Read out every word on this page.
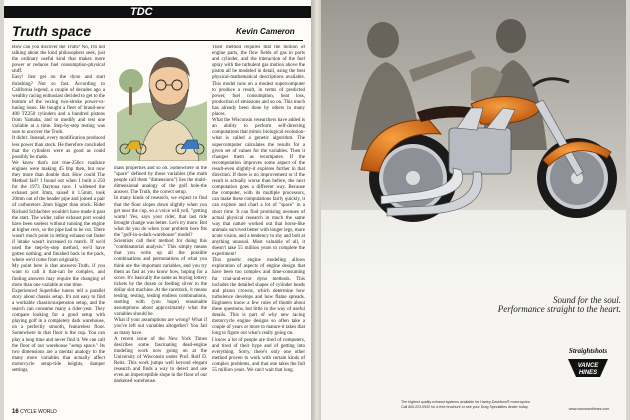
TDC
Truth space	Kevin Cameron

How can you discover the Truth? No, I'm not talking about the kind philosophers seek, just the ordinary useful kind that makes more power or reduces fuel consumption-physical stuff.

Easy! Just get on the dyno and start thrashing? Not so fast. According to California legend, a couple of decades ago a wealthy racing enthusiast decided to get to the bottom of the vexing two-stroke power-vs-tuning issue. He bought a fleet of brand-new 400 TZ250 cylinders and a hundred pistons from Yamaha, and to modify and test one variable at a time. Step-by-step testing was sure to uncover the Truth.

It didn't. Instead, every modification produced less power than stock. He therefore concluded that the cylinders were as good as could possibly be made.

We know that's not true-250cc roadrace engines were making 45 bhp then, but now they more than double that. How could The Method fail? I found out when I built a 250 for the 1973 Daytona race. I widened the exhaust port 3mm, raised it 1.5mm, took 20mm out of the header pipe and joined a pair of carburetors 2mm bigger than stock. Rider Richard Schlachter wouldn't have made it past the start. The wider, taller exhaust port would have been useless without running the engine at higher revs, so the pipe had to be cut. There wasn't much point in letting exhaust out faster if intake wasn't increased to match. If we'd used the step-by-step method, we'd have gotten nothing, and finished back in the pack, where we'd come from originally.

My point here is that answers-Truth, if you want to call it that-can be complex, and finding answers may require the changing of more than one variable at one time.

Experienced Superbike tuners tell a parallel story about chassis setup. It's not easy to find a workable chassis/suspension setup, and the search can consume many a rider-year. They compare looking for a good setup with playing golf in a completely dark warehouse, on a perfectly smooth, featureless floor. Somewhere in that floor is the cup. You can play a long time and never find it. We can call the floor of our warehouse "setup space." Its two dimensions are a mental analogy to the many more variables that actually affect motorcycle setup-ride heights, damper settings,

mass properties and so on. Somewhere in the "space" defined by those variables (the math people call them "dimensions") lies the multi-dimensional analogy of the golf hole-the answer. The Truth, the correct setup.

In many kinds of research, we expect to find that the floor slopes down slightly when you get near the cup, so a voice will yell, "getting warm! Yes, says your rider, that last ride brought change was better. Let's try more. But what do you do when your problem bore fits the "golf-in-a-dark-warehouse" model?

Scientists call their method for doing this "combinatorial analysis." This simply means that you write up all the possible combinations and permutations of what you think are the important variables, and you try them as fast as you know how, hoping for a score. It's basically the same as buying lottery tickets by the dozen or feeding silver to the dollar slot machine. At the racetrack, it means testing, testing, testing endless combinations, starting with (you hope) reasonable assumptions about approximately what the variables should be.

What if your assumptions are wrong? What if you've left out variables altogether? You fail as many have.

A recent issue of the New York Times describes some fascinating dead-engine modeling work now going on at the University of Wisconsin under Prof. Rolf D. Reitz. This work jumps well beyond elegant research and finds a way to detect and use even an imperceptible slope in the floor of our darkened warehouse.

Their method requires that the motion of engine parts, the flow fields of gas in ports and cylinder, and the interaction of the fuel spray with the turbulent gas motion above the piston all be modeled in detail, using the best physical-mathematical descriptions available. This model runs on a modest supercomputer to produce a result, in terms of predicted power, fuel consumption, heat loss, production of emissions and so on. This much has already been done by others in many places.

What the Wisconsin researchers have added is an ability to perform self-directing computations that mimic biological evolution-what is called a genetic algorithm. The supercomputer calculates the results for a given set of values for the variables. Then it changes them as recomputes. If the recomputation improves some aspect of the result-even slightly-it explores further in that direction. If there is no improvement or if the result is actually worse than before, the next computation goes a different way. Because the computer, with its multiple processors, can make these computations fairly quickly, it can explore and chart a lot of "space" in a short time. It can find promising avenues of actual physical research in much the same way that nature worked out that horse-like animals survived better with longer legs, more acute vision, and a tendency to shy and bolt at anything unusual. Most valuable of all, it doesn't take 55 million years to complete the experiment!

This genetic engine modeling allows exploration of aspects of engine design that have been too complex and time-consuming for trial-and-error dyno methods. This includes the detailed shapes of cylinder heads and piston crowns, which determine how turbulence develops and how flame spreads. Engineers know a few rules of thumb about these questions, but little in the way of useful details. This is part of why new racing motorcycle engine designs so often take a couple of years or more to mature-it takes that long to figure out what's really going on.

I know a lot of people are tired of computers, and tired of their hype and of getting into everything. Sorry, there's only one other method proven to work with certain kinds of complex problems, and that one takes the full 55 million years. We can't wait that long.

16 CYCLE WORLD
Sound for the soul.
Performance straight to the heart.
Straightshots
VANCE
HINES
The highest quality exhaust systems available for Harley-Davidson® motorcycles.
Call 800.223.0932 for a free brochure or see your Drag Specialties dealer today.
www.vanceandhines.com
